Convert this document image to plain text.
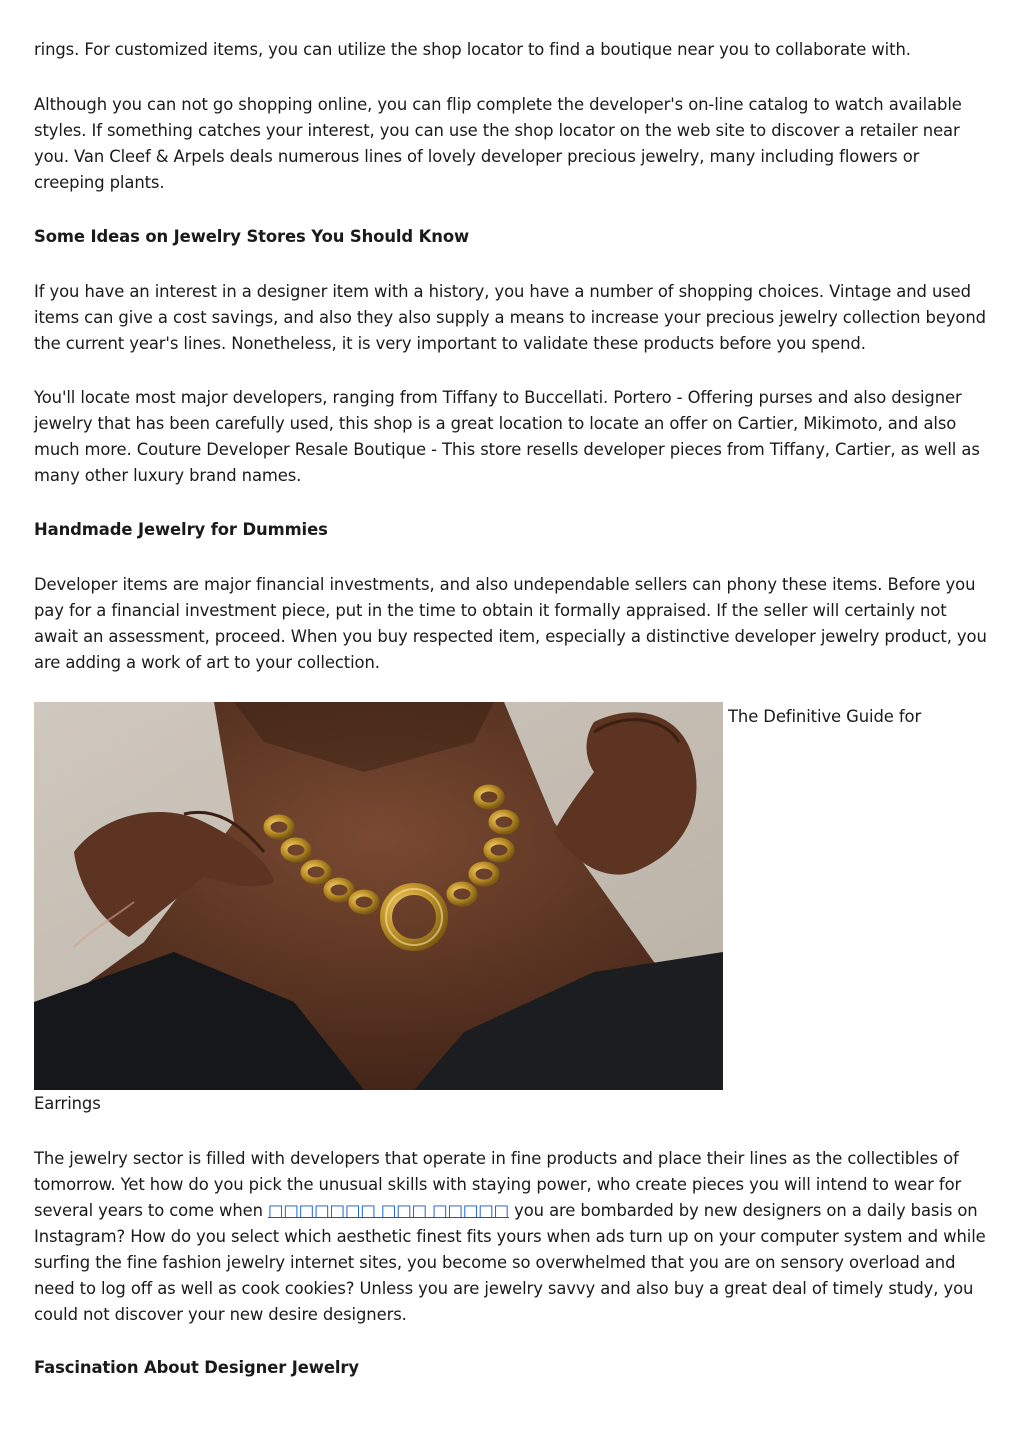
rings. For customized items, you can utilize the shop locator to find a boutique near you to collaborate with.

Although you can not go shopping online, you can flip complete the developer's on-line catalog to watch available styles. If something catches your interest, you can use the shop locator on the web site to discover a retailer near you. Van Cleef & Arpels deals numerous lines of lovely developer precious jewelry, many including flowers or creeping plants.

Some Ideas on Jewelry Stores You Should Know

If you have an interest in a designer item with a history, you have a number of shopping choices. Vintage and used items can give a cost savings, and also they also supply a means to increase your precious jewelry collection beyond the current year's lines. Nonetheless, it is very important to validate these products before you spend.

You'll locate most major developers, ranging from Tiffany to Buccellati. Portero - Offering purses and also designer jewelry that has been carefully used, this shop is a great location to locate an offer on Cartier, Mikimoto, and also much more. Couture Developer Resale Boutique - This store resells developer pieces from Tiffany, Cartier, as well as many other luxury brand names.

Handmade Jewelry for Dummies

Developer items are major financial investments, and also undependable sellers can phony these items. Before you pay for a financial investment piece, put in the time to obtain it formally appraised. If the seller will certainly not await an assessment, proceed. When you buy respected item, especially a distinctive developer jewelry product, you are adding a work of art to your collection.

The Definitive Guide for

Earrings

The jewelry sector is filled with developers that operate in fine products and place their lines as the collectibles of tomorrow. Yet how do you pick the unusual skills with staying power, who create pieces you will intend to wear for several years to come when □□□□□□□ □□□ □□□□□ you are bombarded by new designers on a daily basis on Instagram? How do you select which aesthetic finest fits yours when ads turn up on your computer system and while surfing the fine fashion jewelry internet sites, you become so overwhelmed that you are on sensory overload and need to log off as well as cook cookies? Unless you are jewelry savvy and also buy a great deal of timely study, you could not discover your new desire designers.

Fascination About Designer Jewelry
